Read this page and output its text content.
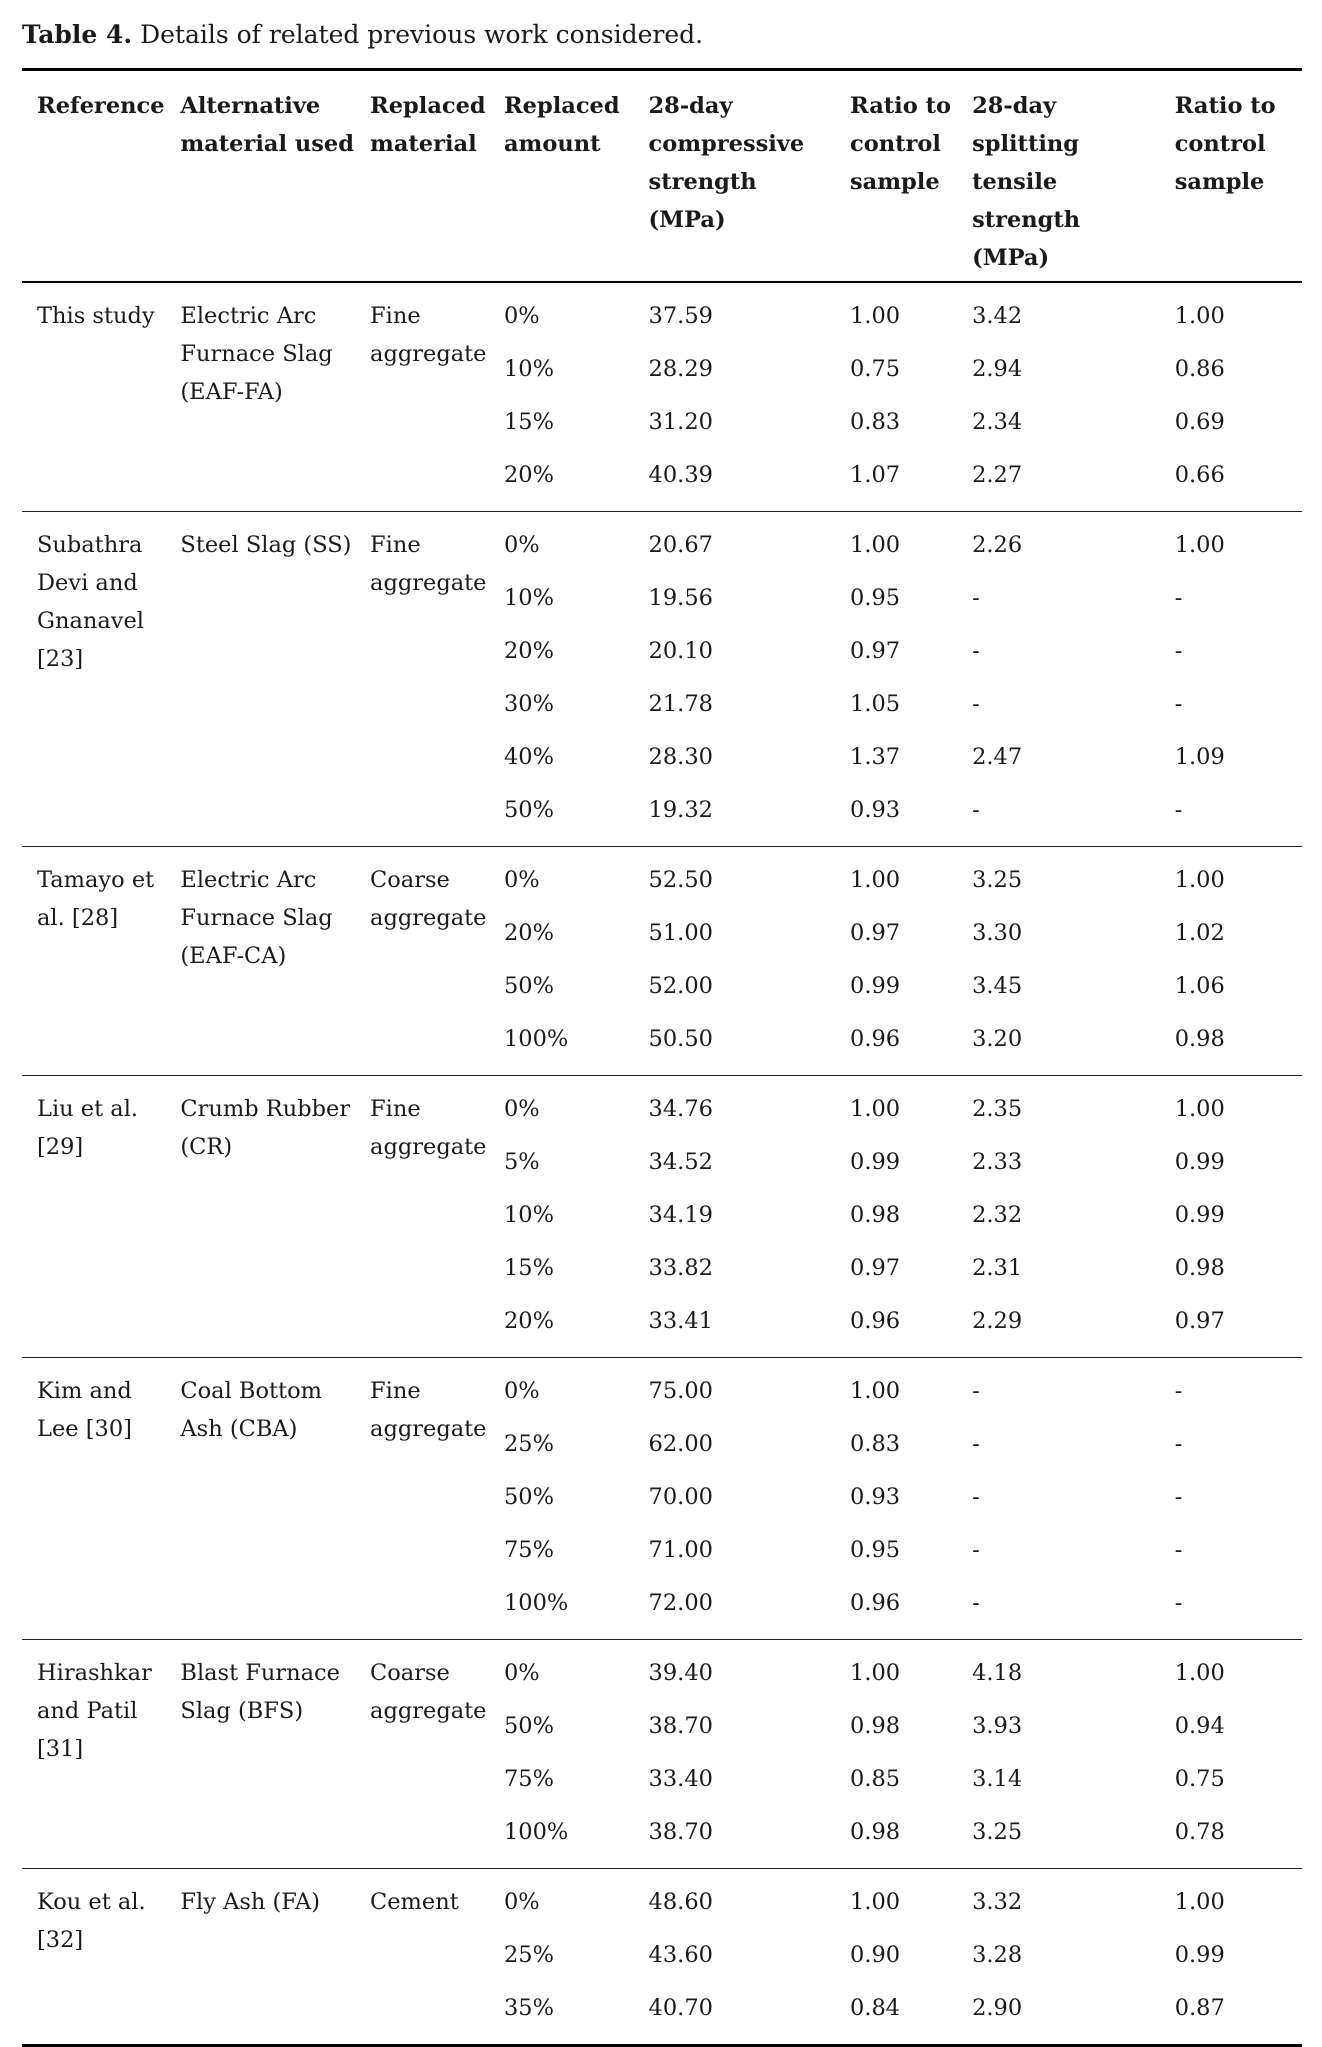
Table 4. Details of related previous work considered.
Reference	Alternative material used	Replaced material	Replaced amount	28-day compressive strength (MPa)	Ratio to control sample	28-day splitting tensile strength (MPa)	Ratio to control sample
This study	Electric Arc Furnace Slag (EAF-FA)	Fine aggregate	0%	37.59	1.00	3.42	1.00
			10%	28.29	0.75	2.94	0.86
			15%	31.20	0.83	2.34	0.69
			20%	40.39	1.07	2.27	0.66
Subathra Devi and Gnanavel [23]	Steel Slag (SS)	Fine aggregate	0%	20.67	1.00	2.26	1.00
			10%	19.56	0.95	-	-
			20%	20.10	0.97	-	-
			30%	21.78	1.05	-	-
			40%	28.30	1.37	2.47	1.09
			50%	19.32	0.93	-	-
Tamayo et al. [28]	Electric Arc Furnace Slag (EAF-CA)	Coarse aggregate	0%	52.50	1.00	3.25	1.00
			20%	51.00	0.97	3.30	1.02
			50%	52.00	0.99	3.45	1.06
			100%	50.50	0.96	3.20	0.98
Liu et al. [29]	Crumb Rubber (CR)	Fine aggregate	0%	34.76	1.00	2.35	1.00
			5%	34.52	0.99	2.33	0.99
			10%	34.19	0.98	2.32	0.99
			15%	33.82	0.97	2.31	0.98
			20%	33.41	0.96	2.29	0.97
Kim and Lee [30]	Coal Bottom Ash (CBA)	Fine aggregate	0%	75.00	1.00	-	-
			25%	62.00	0.83	-	-
			50%	70.00	0.93	-	-
			75%	71.00	0.95	-	-
			100%	72.00	0.96	-	-
Hirashkar and Patil [31]	Blast Furnace Slag (BFS)	Coarse aggregate	0%	39.40	1.00	4.18	1.00
			50%	38.70	0.98	3.93	0.94
			75%	33.40	0.85	3.14	0.75
			100%	38.70	0.98	3.25	0.78
Kou et al. [32]	Fly Ash (FA)	Cement	0%	48.60	1.00	3.32	1.00
			25%	43.60	0.90	3.28	0.99
			35%	40.70	0.84	2.90	0.87
